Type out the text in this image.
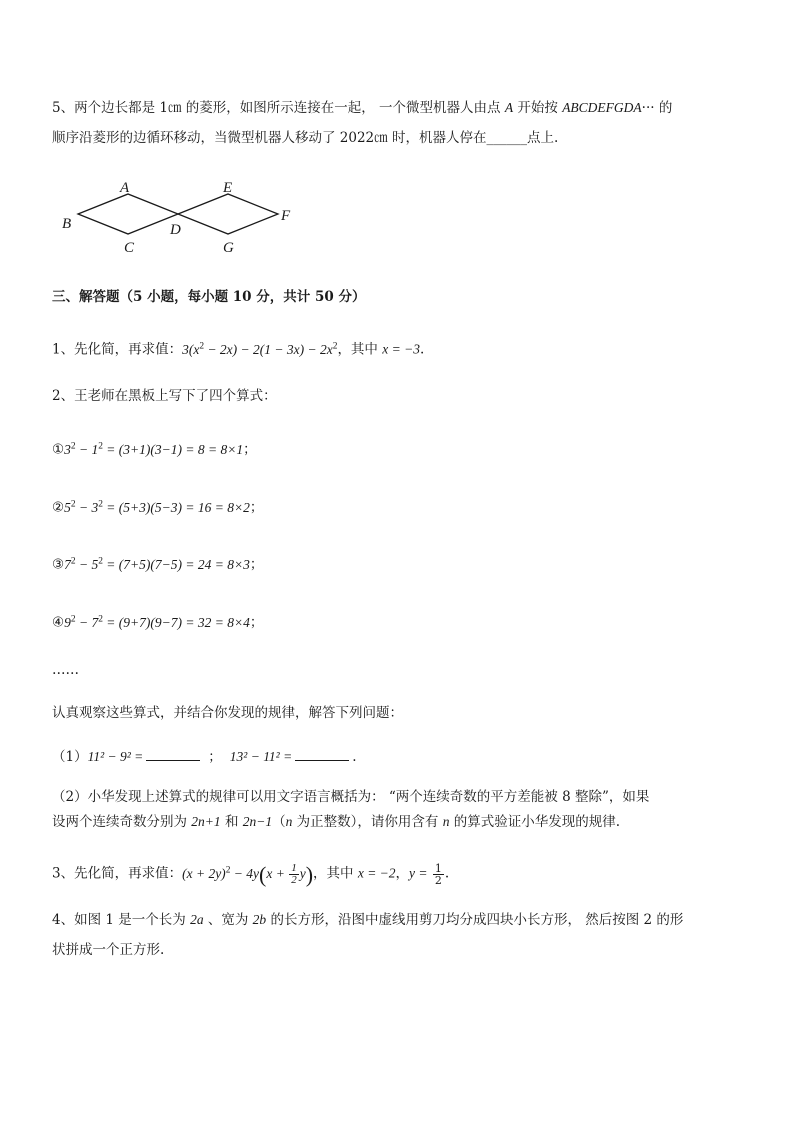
5、两个边长都是 1㎝ 的菱形，如图所示连接在一起， 一个微型机器人由点 A 开始按 ABCDEFGDA··· 的
顺序沿菱形的边循环移动，当微型机器人移动了 2022㎝ 时，机器人停在______点上.
A
B
C
D
E
F
G
三、解答题（5 小题，每小题 10 分，共计 50 分）
1、先化简，再求值：$3(x^2 - 2x) - 2(1 - 3x) - 2x^2$，其中 x = −3.
2、王老师在黑板上写下了四个算式：
$①3^2 - 1^2 = (3+1)(3-1) = 8 = 8\times 1$；
$②5^2 - 3^2 = (5+3)(5-3) = 16 = 8\times 2$；
$③7^2 - 5^2 = (7+5)(7-5) = 24 = 8\times 3$；
$④9^2 - 7^2 = (9+7)(9-7) = 32 = 8\times 4$；
……
认真观察这些算式，并结合你发现的规律，解答下列问题：
（1）11² − 9² =	； 13² − 11² =	.
（2）小华发现上述算式的规律可以用文字语言概括为： “两个连续奇数的平方差能被 8 整除”，如果
设两个连续奇数分别为 2n+1 和 2n−1（n 为正整数），请你用含有 n 的算式验证小华发现的规律.
3、先化简，再求值：$(x + 2y)^2 - 4y(x + \frac{1}{2} y)$，其中 x = −2，$y = \frac{1}{2}$ .
4、如图 1 是一个长为 2a 、宽为 2b 的长方形，沿图中虚线用剪刀均分成四块小长方形， 然后按图 2 的形
状拼成一个正方形.
